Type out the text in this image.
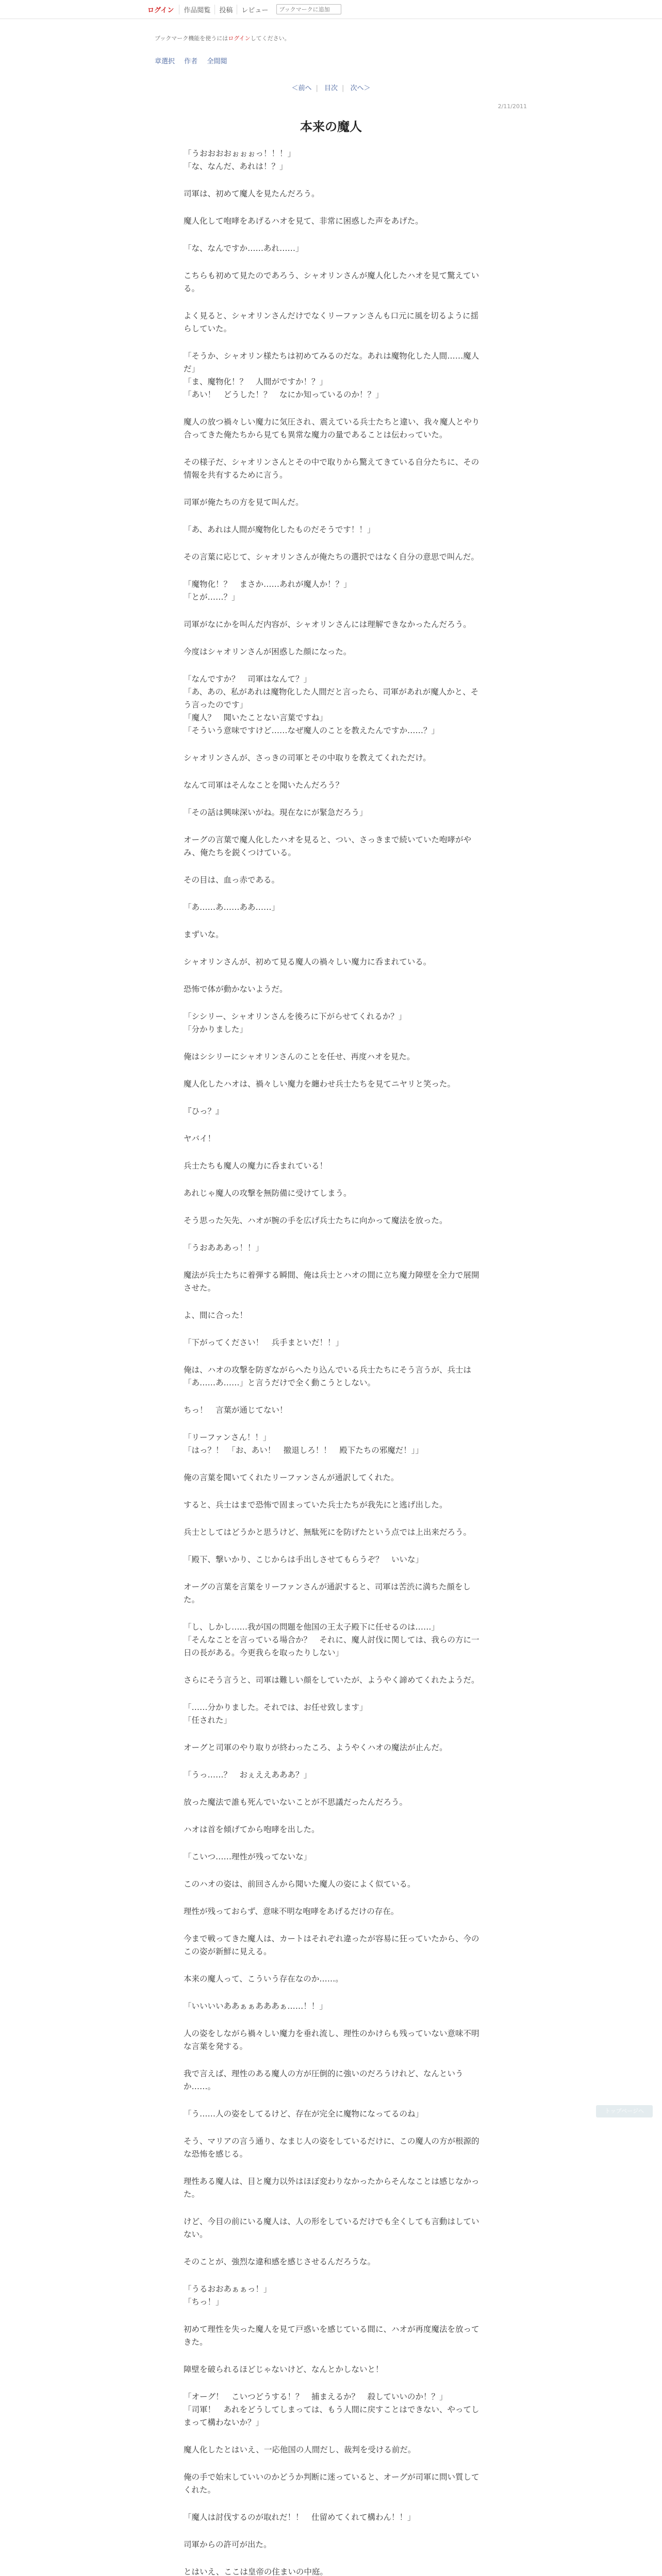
ログイン	作品閲覧	投稿	レビュー
ブックマークに追加
ブックマーク機能を使うにはログインしてください。
章選択 作者 全間閲
＜前へ | 目次 | 次へ＞
2/11/2011
本来の魔人

「うおおおおぉぉぉっ！！！」
「な、なんだ、あれは！？」

司軍は、初めて魔人を見たんだろう。

魔人化して咆哮をあげるハオを見て、非常に困惑した声をあげた。

「な、なんですか……あれ……」

こちらも初めて見たのであろう、シャオリンさんが魔人化したハオを見て驚えている。

よく見ると、シャオリンさんだけでなくリーファンさんも口元に風を切るように揺らしていた。

「そうか、シャオリン様たちは初めてみるのだな。あれは魔物化した人間……魔人だ」
「ま、魔物化！？　人間がですか！？」
「あい！　どうした！？　なにか知っているのか！？」

魔人の放つ禍々しい魔力に気圧され、震えている兵士たちと違い、我々魔人とやり合ってきた俺たちから見ても異常な魔力の量であることは伝わっていた。

その様子だ、シャオリンさんとその中で取りから驚えてきている自分たちに、その情報を共有するために言う。

司軍が俺たちの方を見て叫んだ。

「あ、あれは人間が魔物化したものだそうです！！」

その言葉に応じて、シャオリンさんが俺たちの選択ではなく自分の意思で叫んだ。

「魔物化！？　まさか……あれが魔人か！？」
「とが……？」

司軍がなにかを叫んだ内容が、シャオリンさんには理解できなかったんだろう。

今度はシャオリンさんが困惑した顔になった。

「なんですか？　司軍はなんて？」
「あ、あの、私があれは魔物化した人間だと言ったら、司軍があれが魔人かと、そう言ったのです」
「魔人？　聞いたことない言葉ですね」
「そういう意味ですけど……なぜ魔人のことを教えたんですか……？」

シャオリンさんが、さっきの司軍とその中取りを教えてくれただけ。

なんて司軍はそんなことを聞いたんだろう？

「その話は興味深いがね。現在なにが緊急だろう」

オーグの言葉で魔人化したハオを見ると、つい、さっきまで続いていた咆哮がやみ、俺たちを鋭くつけている。

その目は、血っ赤である。

「あ……あ……ああ……」

まずいな。

シャオリンさんが、初めて見る魔人の禍々しい魔力に呑まれている。

恐怖で体が動かないようだ。

「シシリー、シャオリンさんを後ろに下がらせてくれるか？」
「分かりました」

俺はシシリーにシャオリンさんのことを任せ、再度ハオを見た。

魔人化したハオは、禍々しい魔力を纏わせ兵士たちを見てニヤリと笑った。

『ひっ？』

ヤバイ！

兵士たちも魔人の魔力に呑まれている！

あれじゃ魔人の攻撃を無防備に受けてしまう。

そう思った矢先、ハオが腕の手を広げ兵士たちに向かって魔法を放った。

「うおあああっ！！」

魔法が兵士たちに着弾する瞬間、俺は兵士とハオの間に立ち魔力障壁を全力で展開させた。

よ、間に合った！

「下がってください！　兵手まといだ！！」

俺は、ハオの攻撃を防ぎながらへたり込んでいる兵士たちにそう言うが、兵士は「あ……あ……」と言うだけで全く動こうとしない。

ちっ！　言葉が通じてない！

「リーファンさん！！」
「はっ？！　「お、あい！　撤退しろ！！　殿下たちの邪魔だ！」」

俺の言葉を聞いてくれたリーファンさんが通訳してくれた。

すると、兵士はまで恐怖で固まっていた兵士たちが我先にと逃げ出した。

兵士としてはどうかと思うけど、無駄死にを防げたという点では上出来だろう。

「殿下、撃いかり、こじからは手出しさせてもらうぞ？　いいな」

オーグの言葉を言葉をリーファンさんが通訳すると、司軍は苦渋に満ちた顔をした。

「し、しかし……我が国の問題を他国の王太子殿下に任せるのは……」
「そんなことを言っている場合か？　それに、魔人討伐に関しては、我らの方に一日の長がある。今更我らを取ったりしない」

さらにそう言うと、司軍は難しい顔をしていたが、ようやく諦めてくれたようだ。

「……分かりました。それでは、お任せ致します」
「任された」

オーグと司軍のやり取りが終わったころ、ようやくハオの魔法が止んだ。

「うっ……？　おぇええあああ？」

放った魔法で誰も死んでいないことが不思議だったんだろう。

ハオは首を傾げてから咆哮を出した。

「こいつ……理性が残ってないな」

このハオの姿は、前回さんから聞いた魔人の姿によく似ている。

理性が残っておらず、意味不明な咆哮をあげるだけの存在。

今まで戦ってきた魔人は、カートはそれぞれ違ったが容易に狂っていたから、今のこの姿が新鮮に見える。

本来の魔人って、こういう存在なのか……。

「いいいいああぁぁあああぁ……！！」

人の姿をしながら禍々しい魔力を垂れ流し、理性のかけらも残っていない意味不明な言葉を発する。

我で言えば、理性のある魔人の方が圧倒的に強いのだろうけれど、なんというか……。

「う……人の姿をしてるけど、存在が完全に魔物になってるのね」

そう、マリアの言う通り、なまじ人の姿をしているだけに、この魔人の方が根源的な恐怖を感じる。

理性ある魔人は、目と魔力以外はほぼ変わりなかったからそんなことは感じなかった。

けど、今目の前にいる魔人は、人の形をしているだけでも全くしても言動はしていない。

そのことが、強烈な違和感を感じさせるんだろうな。

「うるおおあぁぁっ！」
「ちっ！」

初めて理性を失った魔人を見て戸惑いを感じている間に、ハオが再度魔法を放ってきた。

障壁を破られるほどじゃないけど、なんとかしないと！

「オーグ！　こいつどうする！？　捕まえるか？　殺していいのか！？」
「司軍！　あれをどうしてしまっては、もう人間に戻すことはできない、やってしまって構わないか？」

魔人化したとはいえ、一応他国の人間だし、裁判を受ける前だ。

俺の手で始末していいのかどうか判断に迷っていると、オーグが司軍に問い質してくれた。

「魔人は討伐するのが取れだ！！　仕留めてくれて構わん！！」

司軍からの許可が出た。

とはいえ、ここは皇帝の住まいの中庭。

トップページへ
